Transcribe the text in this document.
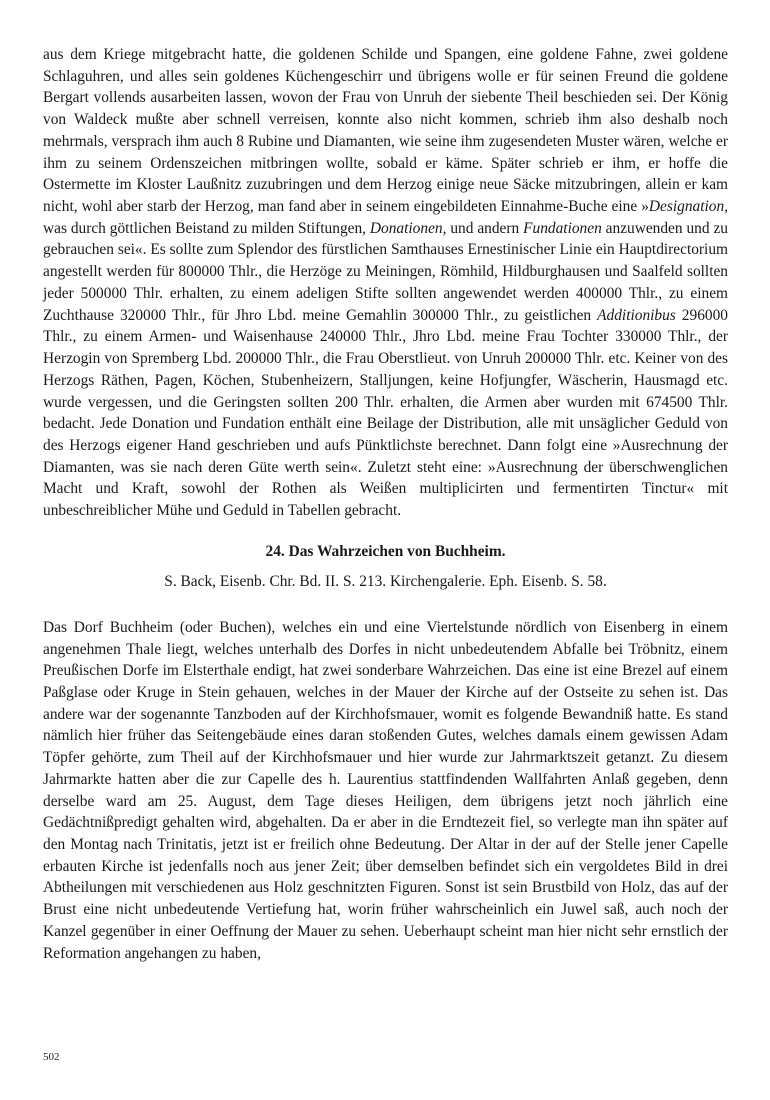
aus dem Kriege mitgebracht hatte, die goldenen Schilde und Spangen, eine goldene Fahne, zwei goldene Schlaguhren, und alles sein goldenes Küchengeschirr und übrigens wolle er für seinen Freund die goldene Bergart vollends ausarbeiten lassen, wovon der Frau von Unruh der siebente Theil beschieden sei. Der König von Waldeck mußte aber schnell verreisen, konnte also nicht kommen, schrieb ihm also deshalb noch mehrmals, versprach ihm auch 8 Rubine und Diamanten, wie seine ihm zugesendeten Muster wären, welche er ihm zu seinem Ordenszeichen mitbringen wollte, sobald er käme. Später schrieb er ihm, er hoffe die Ostermette im Kloster Laußnitz zuzubringen und dem Herzog einige neue Säcke mitzubringen, allein er kam nicht, wohl aber starb der Herzog, man fand aber in seinem eingebildeten Einnahme-Buche eine »Designation, was durch göttlichen Beistand zu milden Stiftungen, Donationen, und andern Fundationen anzuwenden und zu gebrauchen sei«. Es sollte zum Splendor des fürstlichen Samthauses Ernestinischer Linie ein Hauptdirectorium angestellt werden für 800000 Thlr., die Herzöge zu Meiningen, Römhild, Hildburghausen und Saalfeld sollten jeder 500000 Thlr. erhalten, zu einem adeligen Stifte sollten angewendet werden 400000 Thlr., zu einem Zuchthause 320000 Thlr., für Jhro Lbd. meine Gemahlin 300000 Thlr., zu geistlichen Additionibus 296000 Thlr., zu einem Armen- und Waisenhause 240000 Thlr., Jhro Lbd. meine Frau Tochter 330000 Thlr., der Herzogin von Spremberg Lbd. 200000 Thlr., die Frau Oberstlieut. von Unruh 200000 Thlr. etc. Keiner von des Herzogs Räthen, Pagen, Köchen, Stubenheizern, Stalljungen, keine Hofjungfer, Wäscherin, Hausmagd etc. wurde vergessen, und die Geringsten sollten 200 Thlr. erhalten, die Armen aber wurden mit 674500 Thlr. bedacht. Jede Donation und Fundation enthält eine Beilage der Distribution, alle mit unsäglicher Geduld von des Herzogs eigener Hand geschrieben und aufs Pünktlichste berechnet. Dann folgt eine »Ausrechnung der Diamanten, was sie nach deren Güte werth sein«. Zuletzt steht eine: »Ausrechnung der überschwenglichen Macht und Kraft, sowohl der Rothen als Weißen multiplicirten und fermentirten Tinctur« mit unbeschreiblicher Mühe und Geduld in Tabellen gebracht.

24. Das Wahrzeichen von Buchheim.

S. Back, Eisenb. Chr. Bd. II. S. 213. Kirchengalerie. Eph. Eisenb. S. 58.

Das Dorf Buchheim (oder Buchen), welches ein und eine Viertelstunde nördlich von Eisenberg in einem angenehmen Thale liegt, welches unterhalb des Dorfes in nicht unbedeutendem Abfalle bei Tröbnitz, einem Preußischen Dorfe im Elsterthale endigt, hat zwei sonderbare Wahrzeichen. Das eine ist eine Brezel auf einem Paßglase oder Kruge in Stein gehauen, welches in der Mauer der Kirche auf der Ostseite zu sehen ist. Das andere war der sogenannte Tanzboden auf der Kirchhofsmauer, womit es folgende Bewandniß hatte. Es stand nämlich hier früher das Seitengebäude eines daran stoßenden Gutes, welches damals einem gewissen Adam Töpfer gehörte, zum Theil auf der Kirchhofsmauer und hier wurde zur Jahrmarktszeit getanzt. Zu diesem Jahrmarkte hatten aber die zur Capelle des h. Laurentius stattfindenden Wallfahrten Anlaß gegeben, denn derselbe ward am 25. August, dem Tage dieses Heiligen, dem übrigens jetzt noch jährlich eine Gedächtnißpredigt gehalten wird, abgehalten. Da er aber in die Erndtezeit fiel, so verlegte man ihn später auf den Montag nach Trinitatis, jetzt ist er freilich ohne Bedeutung. Der Altar in der auf der Stelle jener Capelle erbauten Kirche ist jedenfalls noch aus jener Zeit; über demselben befindet sich ein vergoldetes Bild in drei Abtheilungen mit verschiedenen aus Holz geschnitzten Figuren. Sonst ist sein Brustbild von Holz, das auf der Brust eine nicht unbedeutende Vertiefung hat, worin früher wahrscheinlich ein Juwel saß, auch noch der Kanzel gegenüber in einer Oeffnung der Mauer zu sehen. Ueberhaupt scheint man hier nicht sehr ernstlich der Reformation angehangen zu haben,

502
